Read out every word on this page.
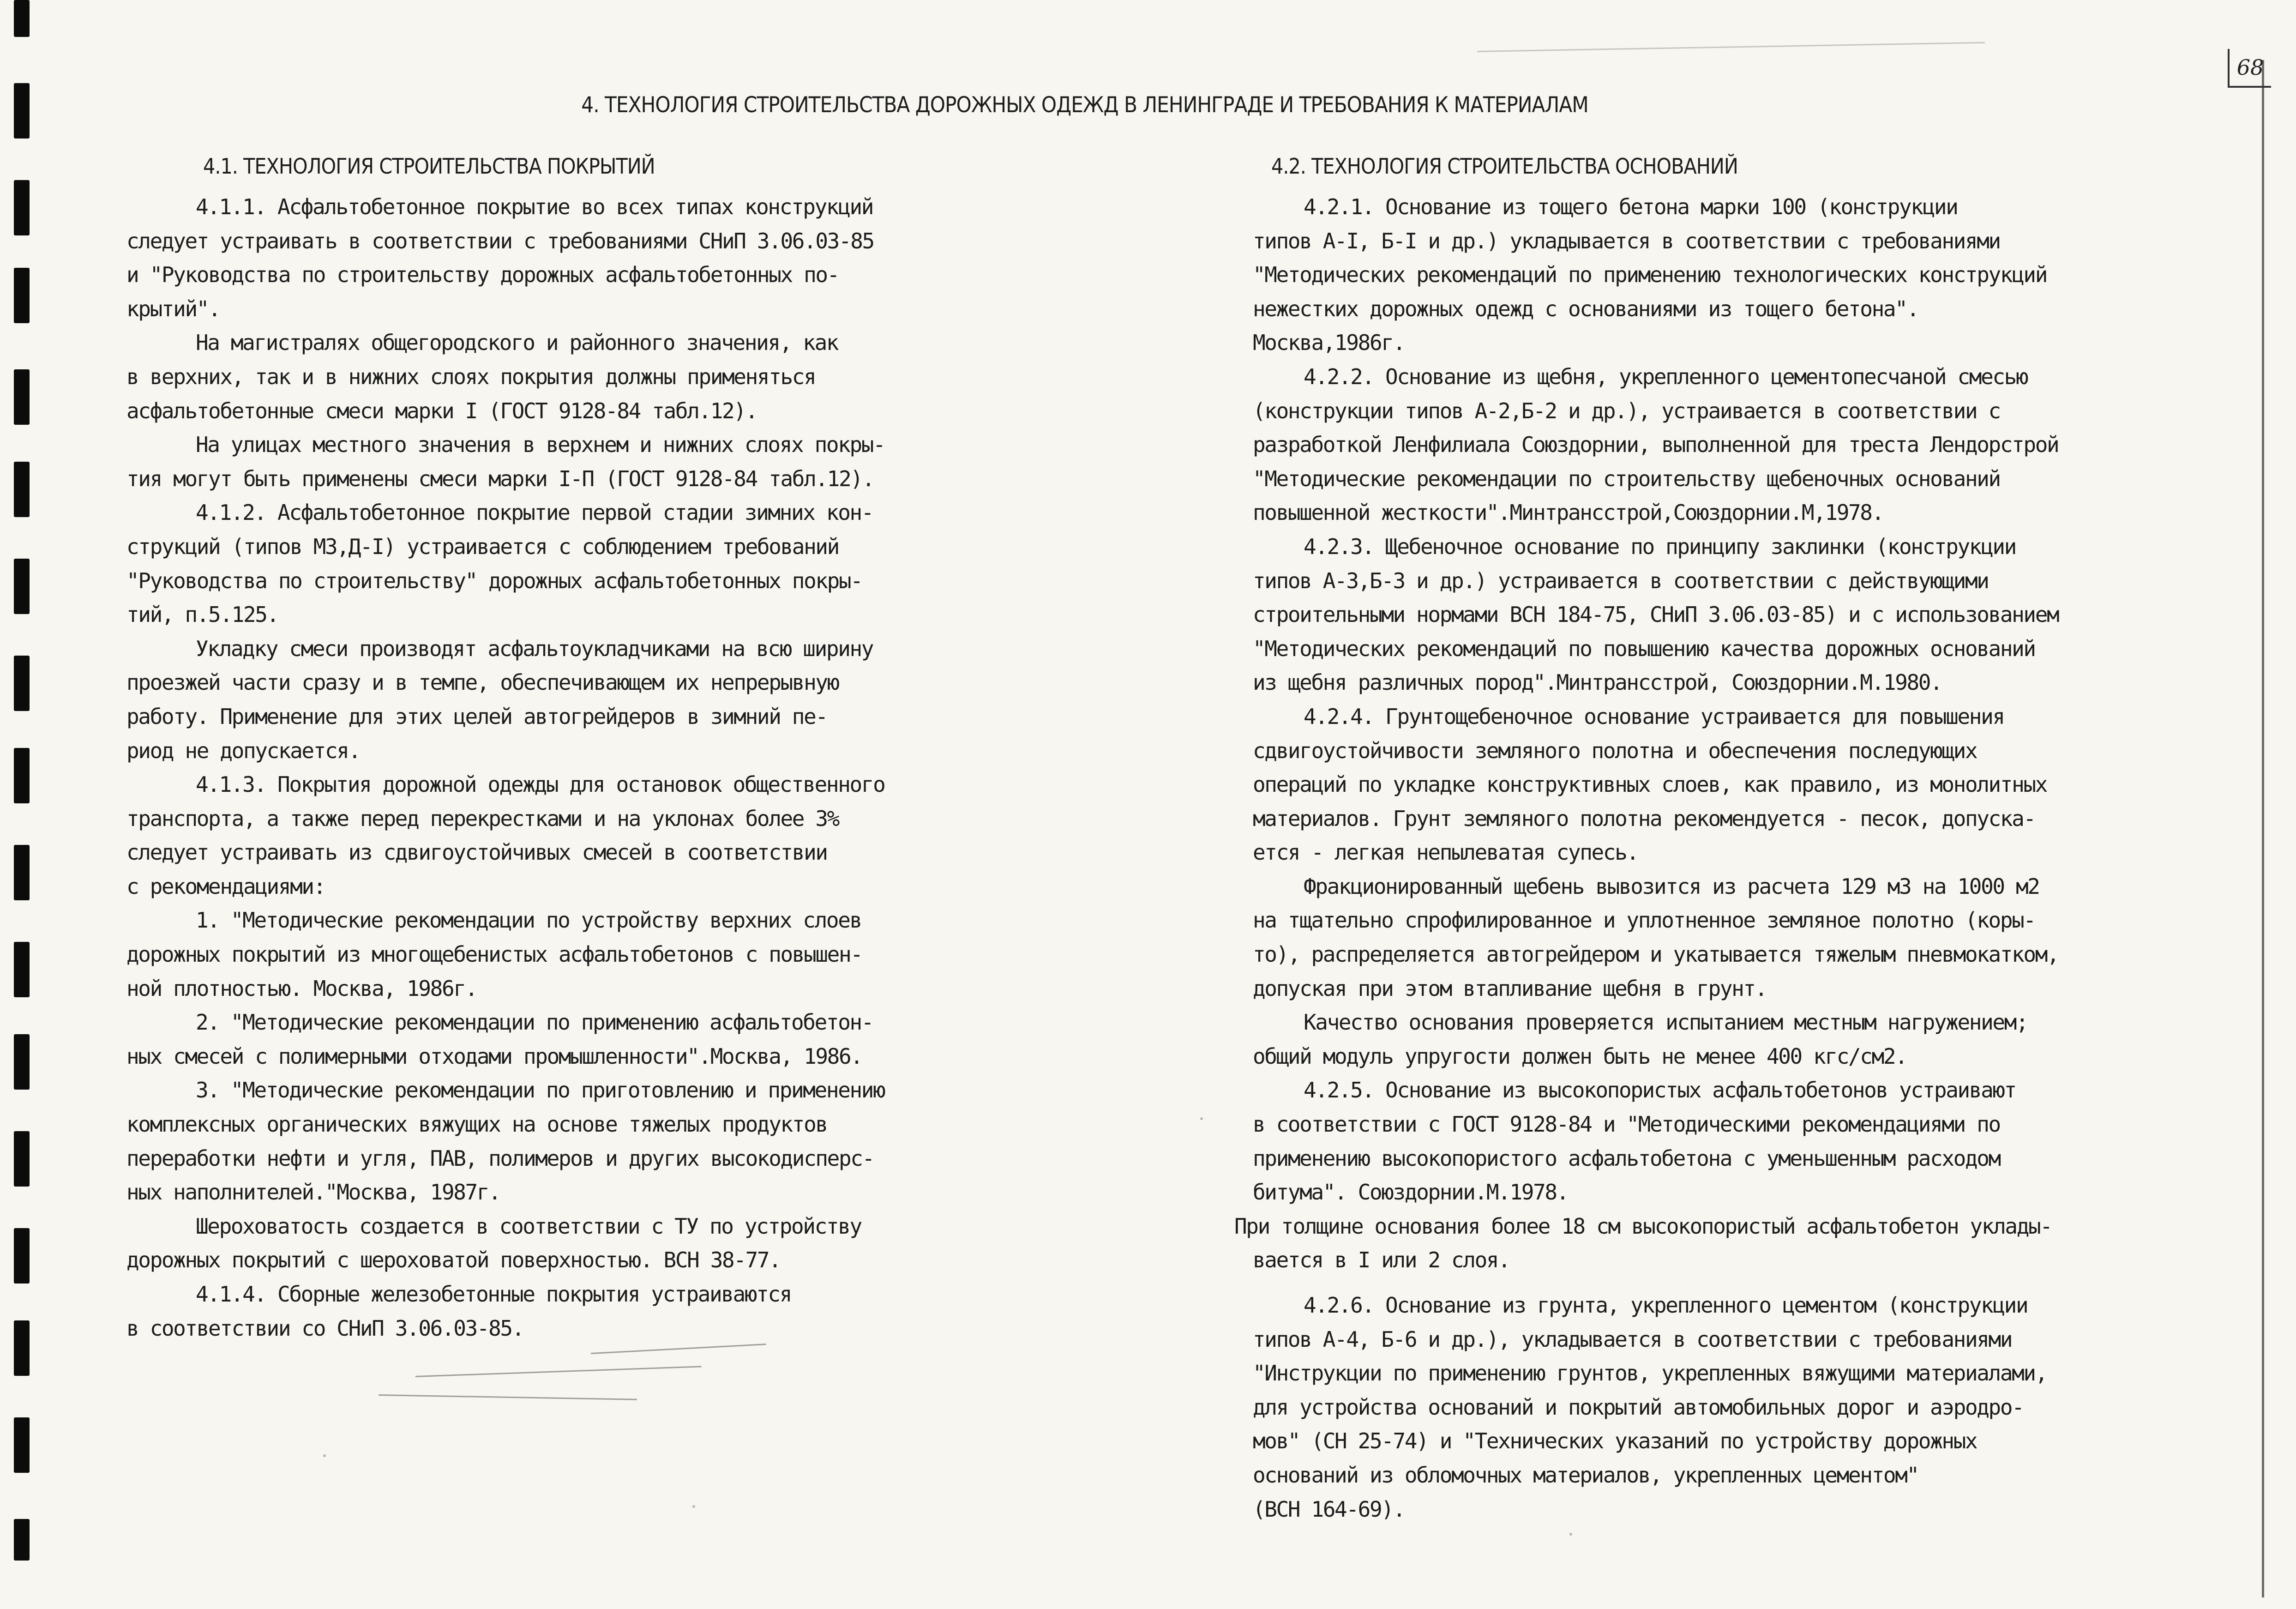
68
4. ТЕХНОЛОГИЯ СТРОИТЕЛЬСТВА ДОРОЖНЫХ ОДЕЖД В ЛЕНИНГРАДЕ И ТРЕБОВАНИЯ К МАТЕРИАЛАМ
4.1. ТЕХНОЛОГИЯ СТРОИТЕЛЬСТВА ПОКРЫТИЙ
4.1.1. Асфальтобетонное покрытие во всех типах конструкций
следует устраивать в соответствии с требованиями СНиП 3.06.03-85
и "Руководства по строительству дорожных асфальтобетонных по-
крытий".
На магистралях общегородского и районного значения, как
в верхних, так и в нижних слоях покрытия должны применяться
асфальтобетонные смеси марки I (ГОСТ 9128-84 табл.12).
На улицах местного значения в верхнем и нижних слоях покры-
тия могут быть применены смеси марки I-П (ГОСТ 9128-84 табл.12).
4.1.2. Асфальтобетонное покрытие первой стадии зимних кон-
струкций (типов МЗ,Д-I) устраивается с соблюдением требований
"Руководства по строительству" дорожных асфальтобетонных покры-
тий, п.5.125.
Укладку смеси производят асфальтоукладчиками на всю ширину
проезжей части сразу и в темпе, обеспечивающем их непрерывную
работу. Применение для этих целей автогрейдеров в зимний пе-
риод не допускается.
4.1.3. Покрытия дорожной одежды для остановок общественного
транспорта, а также перед перекрестками и на уклонах более 3%
следует устраивать из сдвигоустойчивых смесей в соответствии
с рекомендациями:
1. "Методические рекомендации по устройству верхних слоев
дорожных покрытий из многощебенистых асфальтобетонов с повышен-
ной плотностью. Москва, 1986г.
2. "Методические рекомендации по применению асфальтобетон-
ных смесей с полимерными отходами промышленности".Москва, 1986.
3. "Методические рекомендации по приготовлению и применению
комплексных органических вяжущих на основе тяжелых продуктов
переработки нефти и угля, ПАВ, полимеров и других высокодисперс-
ных наполнителей."Москва, 1987г.
Шероховатость создается в соответствии с ТУ по устройству
дорожных покрытий с шероховатой поверхностью. ВСН 38-77.
4.1.4. Сборные железобетонные покрытия устраиваются
в соответствии со СНиП 3.06.03-85.
4.2. ТЕХНОЛОГИЯ СТРОИТЕЛЬСТВА ОСНОВАНИЙ
4.2.1. Основание из тощего бетона марки 100 (конструкции
типов А-I, Б-I и др.) укладывается в соответствии с требованиями
"Методических рекомендаций по применению технологических конструкций
нежестких дорожных одежд с основаниями из тощего бетона".
Москва,1986г.
4.2.2. Основание из щебня, укрепленного цементопесчаной смесью
(конструкции типов А-2,Б-2 и др.), устраивается в соответствии с
разработкой Ленфилиала Союздорнии, выполненной для треста Лендорстрой
"Методические рекомендации по строительству щебеночных оснований
повышенной жесткости".Минтрансстрой,Союздорнии.М,1978.
4.2.3. Щебеночное основание по принципу заклинки (конструкции
типов А-3,Б-3 и др.) устраивается в соответствии с действующими
строительными нормами ВСН 184-75, СНиП 3.06.03-85) и с использованием
"Методических рекомендаций по повышению качества дорожных оснований
из щебня различных пород".Минтрансстрой, Союздорнии.М.1980.
4.2.4. Грунтощебеночное основание устраивается для повышения
сдвигоустойчивости земляного полотна и обеспечения последующих
операций по укладке конструктивных слоев, как правило, из монолитных
материалов. Грунт земляного полотна рекомендуется - песок, допуска-
ется - легкая непылеватая супесь.
Фракционированный щебень вывозится из расчета 129 м3 на 1000 м2
на тщательно спрофилированное и уплотненное земляное полотно (коры-
то), распределяется автогрейдером и укатывается тяжелым пневмокатком,
допуская при этом втапливание щебня в грунт.
Качество основания проверяется испытанием местным нагружением;
общий модуль упругости должен быть не менее 400 кгс/см2.
4.2.5. Основание из высокопористых асфальтобетонов устраивают
в соответствии с ГОСТ 9128-84 и "Методическими рекомендациями по
применению высокопористого асфальтобетона с уменьшенным расходом
битума". Союздорнии.М.1978.
При толщине основания более 18 см высокопористый асфальтобетон уклады-
вается в I или 2 слоя.
4.2.6. Основание из грунта, укрепленного цементом (конструкции
типов А-4, Б-6 и др.), укладывается в соответствии с требованиями
"Инструкции по применению грунтов, укрепленных вяжущими материалами,
для устройства оснований и покрытий автомобильных дорог и аэродро-
мов" (СН 25-74) и "Технических указаний по устройству дорожных
оснований из обломочных материалов, укрепленных цементом"
(ВСН 164-69).
